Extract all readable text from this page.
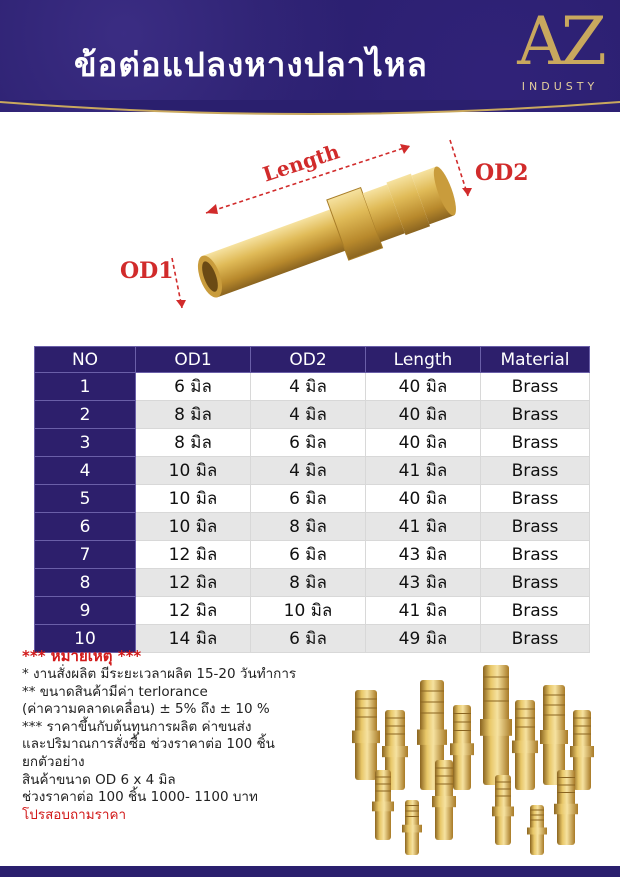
ข้อต่อแปลงหางปลาไหล AZ
INDUSTY
Length	OD2
OD1
NO	OD1	OD2	Length	Material
1	6 มิล	4 มิล	40 มิล	Brass
2	8 มิล	4 มิล	40 มิล	Brass
3	8 มิล	6 มิล	40 มิล	Brass
4	10 มิล	4 มิล	41 มิล	Brass
5	10 มิล	6 มิล	40 มิล	Brass
6	10 มิล	8 มิล	41 มิล	Brass
7	12 มิล	6 มิล	43 มิล	Brass
8	12 มิล	8 มิล	43 มิล	Brass
9	12 มิล	10 มิล	41 มิล	Brass
10	14 มิล	6 มิล	49 มิล	Brass
*** หมายเหตุ ***
* งานสั่งผลิต มีระยะเวลาผลิต 15-20 วันทำการ
** ขนาดสินค้ามีค่า terlorance
(ค่าความคลาดเคลื่อน) ± 5% ถึง ± 10 %
*** ราคาขึ้นกับต้นทุนการผลิต ค่าขนส่ง
และปริมาณการสั่งซื้อ ช่วงราคาต่อ 100 ชิ้น
ยกตัวอย่าง
สินค้าขนาด OD 6 x 4 มิล
ช่วงราคาต่อ 100 ชิ้น 1000- 1100 บาท
โปรสอบถามราคา
